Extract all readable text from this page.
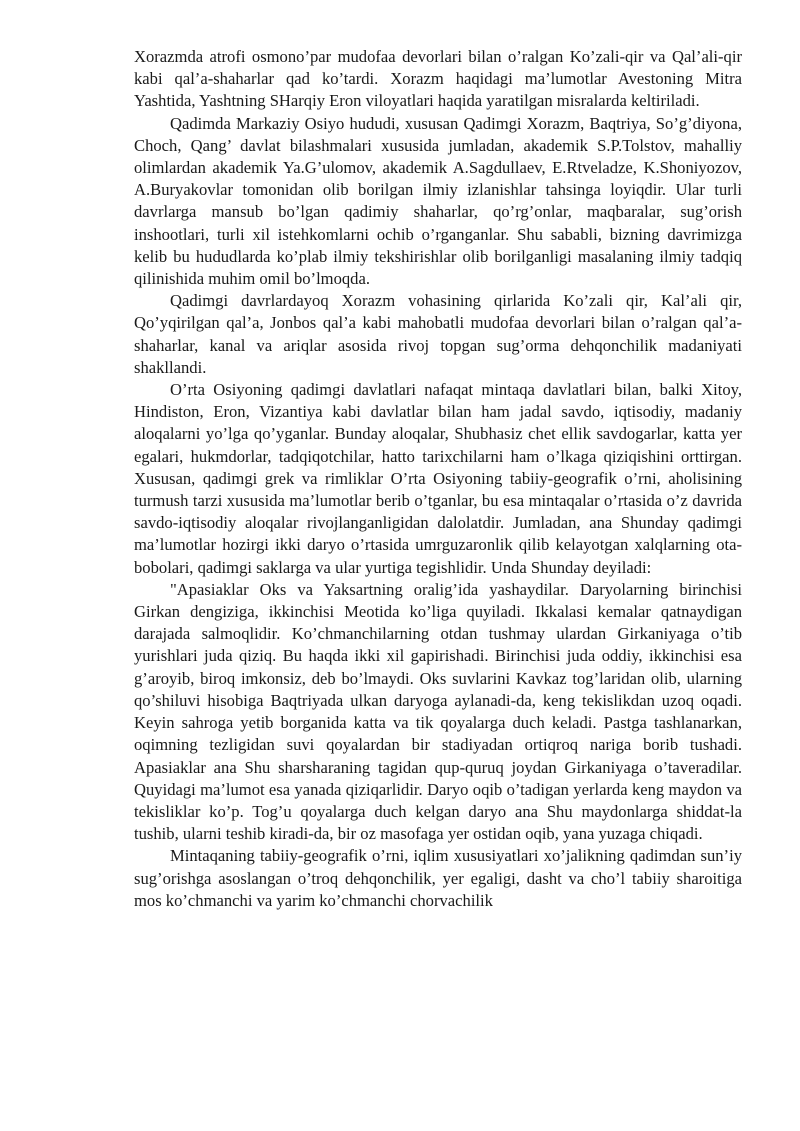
Xorazmda atrofi osmono’par mudofaa devorlari bilan o’ralgan Ko’zali-qir va Qal’ali-qir kabi qal’a-shaharlar qad ko’tardi. Xorazm haqidagi ma’lumotlar Avestoning Mitra Yashtida, Yashtning SHarqiy Eron viloyatlari haqida yaratilgan misralarda keltiriladi.

Qadimda Markaziy Osiyo hududi, xususan Qadimgi Xorazm, Baqtriya, So’g’diyona, Choch, Qang’ davlat bilashmalari xususida jumladan, akademik S.P.Tolstov, mahalliy olimlardan akademik Ya.G’ulomov, akademik A.Sagdullaev, E.Rtveladze, K.Shoniyozov, A.Buryakovlar tomonidan olib borilgan ilmiy izlanishlar tahsinga loyiqdir. Ular turli davrlarga mansub bo’lgan qadimiy shaharlar, qo’rg’onlar, maqbaralar, sug’orish inshootlari, turli xil istehkomlarni ochib o’rganganlar. Shu sababli, bizning davrimizga kelib bu hududlarda ko’plab ilmiy tekshirishlar olib borilganligi masalaning ilmiy tadqiq qilinishida muhim omil bo’lmoqda.

Qadimgi davrlardayoq Xorazm vohasining qirlarida Ko’zali qir, Kal’ali qir, Qo’yqirilgan qal’a, Jonbos qal’a kabi mahobatli mudofaa devorlari bilan o’ralgan qal’a-shaharlar, kanal va ariqlar asosida rivoj topgan sug’orma dehqonchilik madaniyati shakllandi.

O’rta Osiyoning qadimgi davlatlari nafaqat mintaqa davlatlari bilan, balki Xitoy, Hindiston, Eron, Vizantiya kabi davlatlar bilan ham jadal savdo, iqtisodiy, madaniy aloqalarni yo’lga qo’yganlar. Bunday aloqalar, Shubhasiz chet ellik savdogarlar, katta yer egalari, hukmdorlar, tadqiqotchilar, hatto tarixchilarni ham o’lkaga qiziqishini orttirgan. Xususan, qadimgi grek va rimliklar O’rta Osiyoning tabiiy-geografik o’rni, aholisining turmush tarzi xususida ma’lumotlar berib o’tganlar, bu esa mintaqalar o’rtasida o’z davrida savdo-iqtisodiy aloqalar rivojlanganligidan dalolatdir. Jumladan, ana Shunday qadimgi ma’lumotlar hozirgi ikki daryo o’rtasida umrguzaronlik qilib kelayotgan xalqlarning ota-bobolari, qadimgi saklarga va ular yurtiga tegishlidir. Unda Shunday deyiladi:

"Apasiaklar Oks va Yaksartning oralig’ida yashaydilar. Daryolarning birinchisi Girkan dengiziga, ikkinchisi Meotida ko’liga quyiladi. Ikkalasi kemalar qatnaydigan darajada salmoqlidir. Ko’chmanchilarning otdan tushmay ulardan Girkaniyaga o’tib yurishlari juda qiziq. Bu haqda ikki xil gapirishadi. Birinchisi juda oddiy, ikkinchisi esa g’aroyib, biroq imkonsiz, deb bo’lmaydi. Oks suvlarini Kavkaz tog’laridan olib, ularning qo’shiluvi hisobiga Baqtriyada ulkan daryoga aylanadi-da, keng tekislikdan uzoq oqadi. Keyin sahroga yetib borganida katta va tik qoyalarga duch keladi. Pastga tashlanarkan, oqimning tezligidan suvi qoyalardan bir stadiyadan ortiqroq nariga borib tushadi. Apasiaklar ana Shu sharsharaning tagidan qup-quruq joydan Girkaniyaga o’taveradilar. Quyidagi ma’lumot esa yanada qiziqarlidir. Daryo oqib o’tadigan yerlarda keng maydon va tekisliklar ko’p. Tog’u qoyalarga duch kelgan daryo ana Shu maydonlarga shiddat-la tushib, ularni teshib kiradi-da, bir oz masofaga yer ostidan oqib, yana yuzaga chiqadi.

Mintaqaning tabiiy-geografik o’rni, iqlim xususiyatlari xo’jalikning qadimdan sun’iy sug’orishga asoslangan o’troq dehqonchilik, yer egaligi, dasht va cho’l tabiiy sharoitiga mos ko’chmanchi va yarim ko’chmanchi chorvachilik
